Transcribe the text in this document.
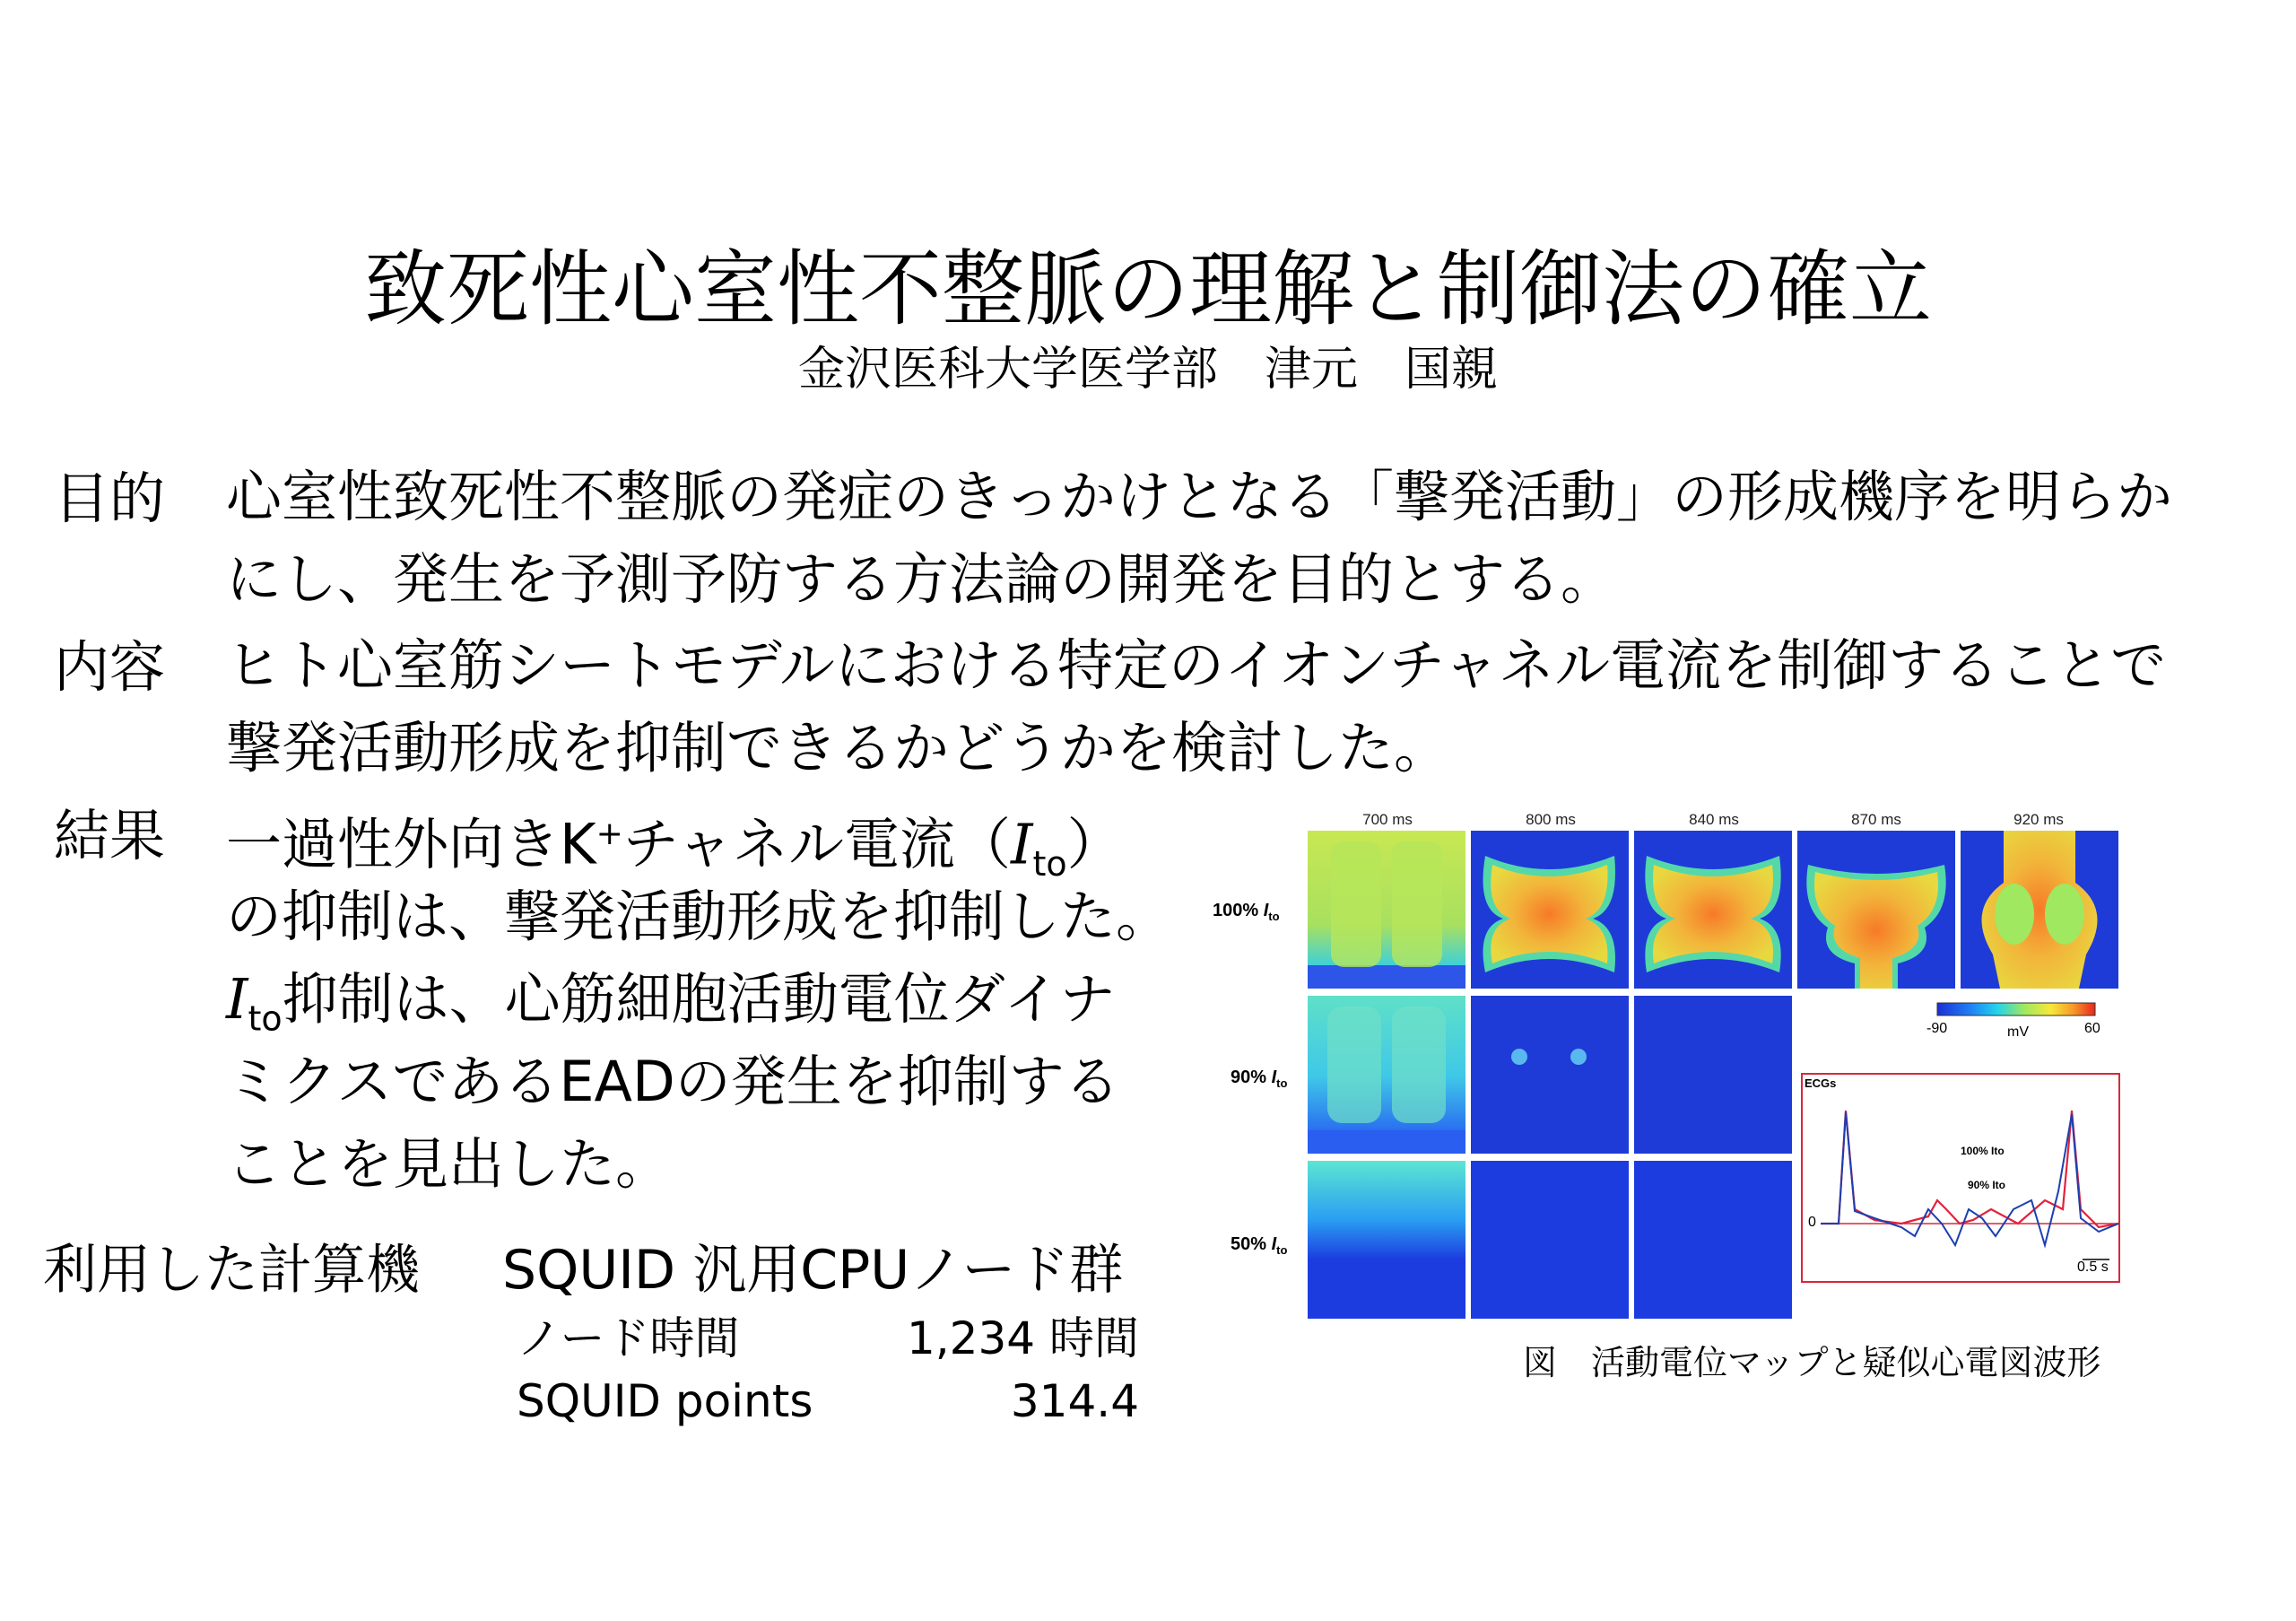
致死性心室性不整脈の理解と制御法の確立
金沢医科大学医学部　津元　国親
目的 心室性致死性不整脈の発症のきっかけとなる「撃発活動」の形成機序を明らか
にし、発生を予測予防する方法論の開発を目的とする。
内容 ヒト心室筋シートモデルにおける特定のイオンチャネル電流を制御することで
撃発活動形成を抑制できるかどうかを検討した。
結果 一過性外向きK+チャネル電流$(I_{to})$
の抑制は、撃発活動形成を抑制した。
$I_{to}$抑制は、心筋細胞活動電位ダイナ
ミクスであるEADの発生を抑制する
ことを見出した。
利用した計算機 SQUID 汎用CPUノード群
ノード時間	1,234 時間
SQUID points	314.4
700 ms	800 ms	840 ms	870 ms	920 ms
100% $I_{to}$
90% $I_{to}$
50% $I_{to}$
-90	mV	60
ECGs
100% Ito
90% Ito
0
0.5 s
図　活動電位マップと疑似心電図波形
